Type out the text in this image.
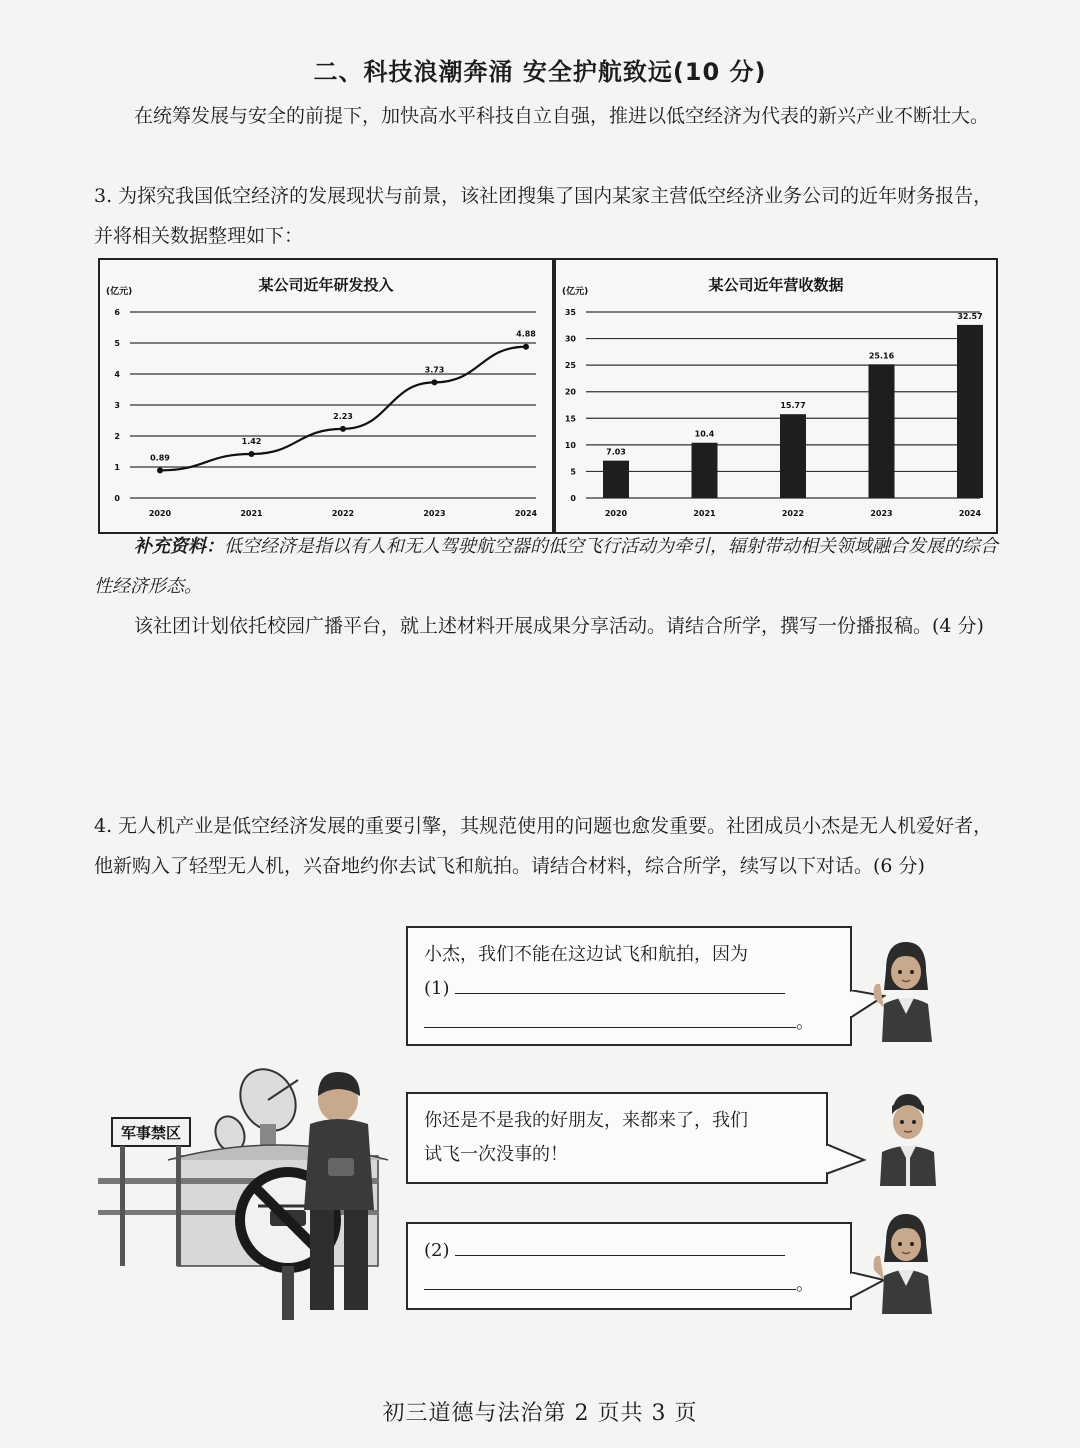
二、科技浪潮奔涌 安全护航致远(10 分)
在统筹发展与安全的前提下，加快高水平科技自立自强，推进以低空经济为代表的新兴产业不断壮大。
3. 为探究我国低空经济的发展现状与前景，该社团搜集了国内某家主营低空经济业务公司的近年财务报告，并将相关数据整理如下：
某公司近年研发投入
(亿元)
0
1
2
3
4
5
6
2020	2021	2022	2023	2024
0.89
1.42
2.23
3.73
4.88
某公司近年营收数据
(亿元)
0
5
10
15
20
25
30
35
2020	2021	2022	2023	2024
7.03
10.4
15.77
25.16
32.57
补充资料：低空经济是指以有人和无人驾驶航空器的低空飞行活动为牵引，辐射带动相关领域融合发展的综合性经济形态。
该社团计划依托校园广播平台，就上述材料开展成果分享活动。请结合所学，撰写一份播报稿。(4 分)
4. 无人机产业是低空经济发展的重要引擎，其规范使用的问题也愈发重要。社团成员小杰是无人机爱好者，他新购入了轻型无人机，兴奋地约你去试飞和航拍。请结合材料，综合所学，续写以下对话。(6 分)
小杰，我们不能在这边试飞和航拍，因为
(1)
。
你还是不是我的好朋友，来都来了，我们
试飞一次没事的！
(2)
。
军事禁区
初三道德与法治第 2 页共 3 页
